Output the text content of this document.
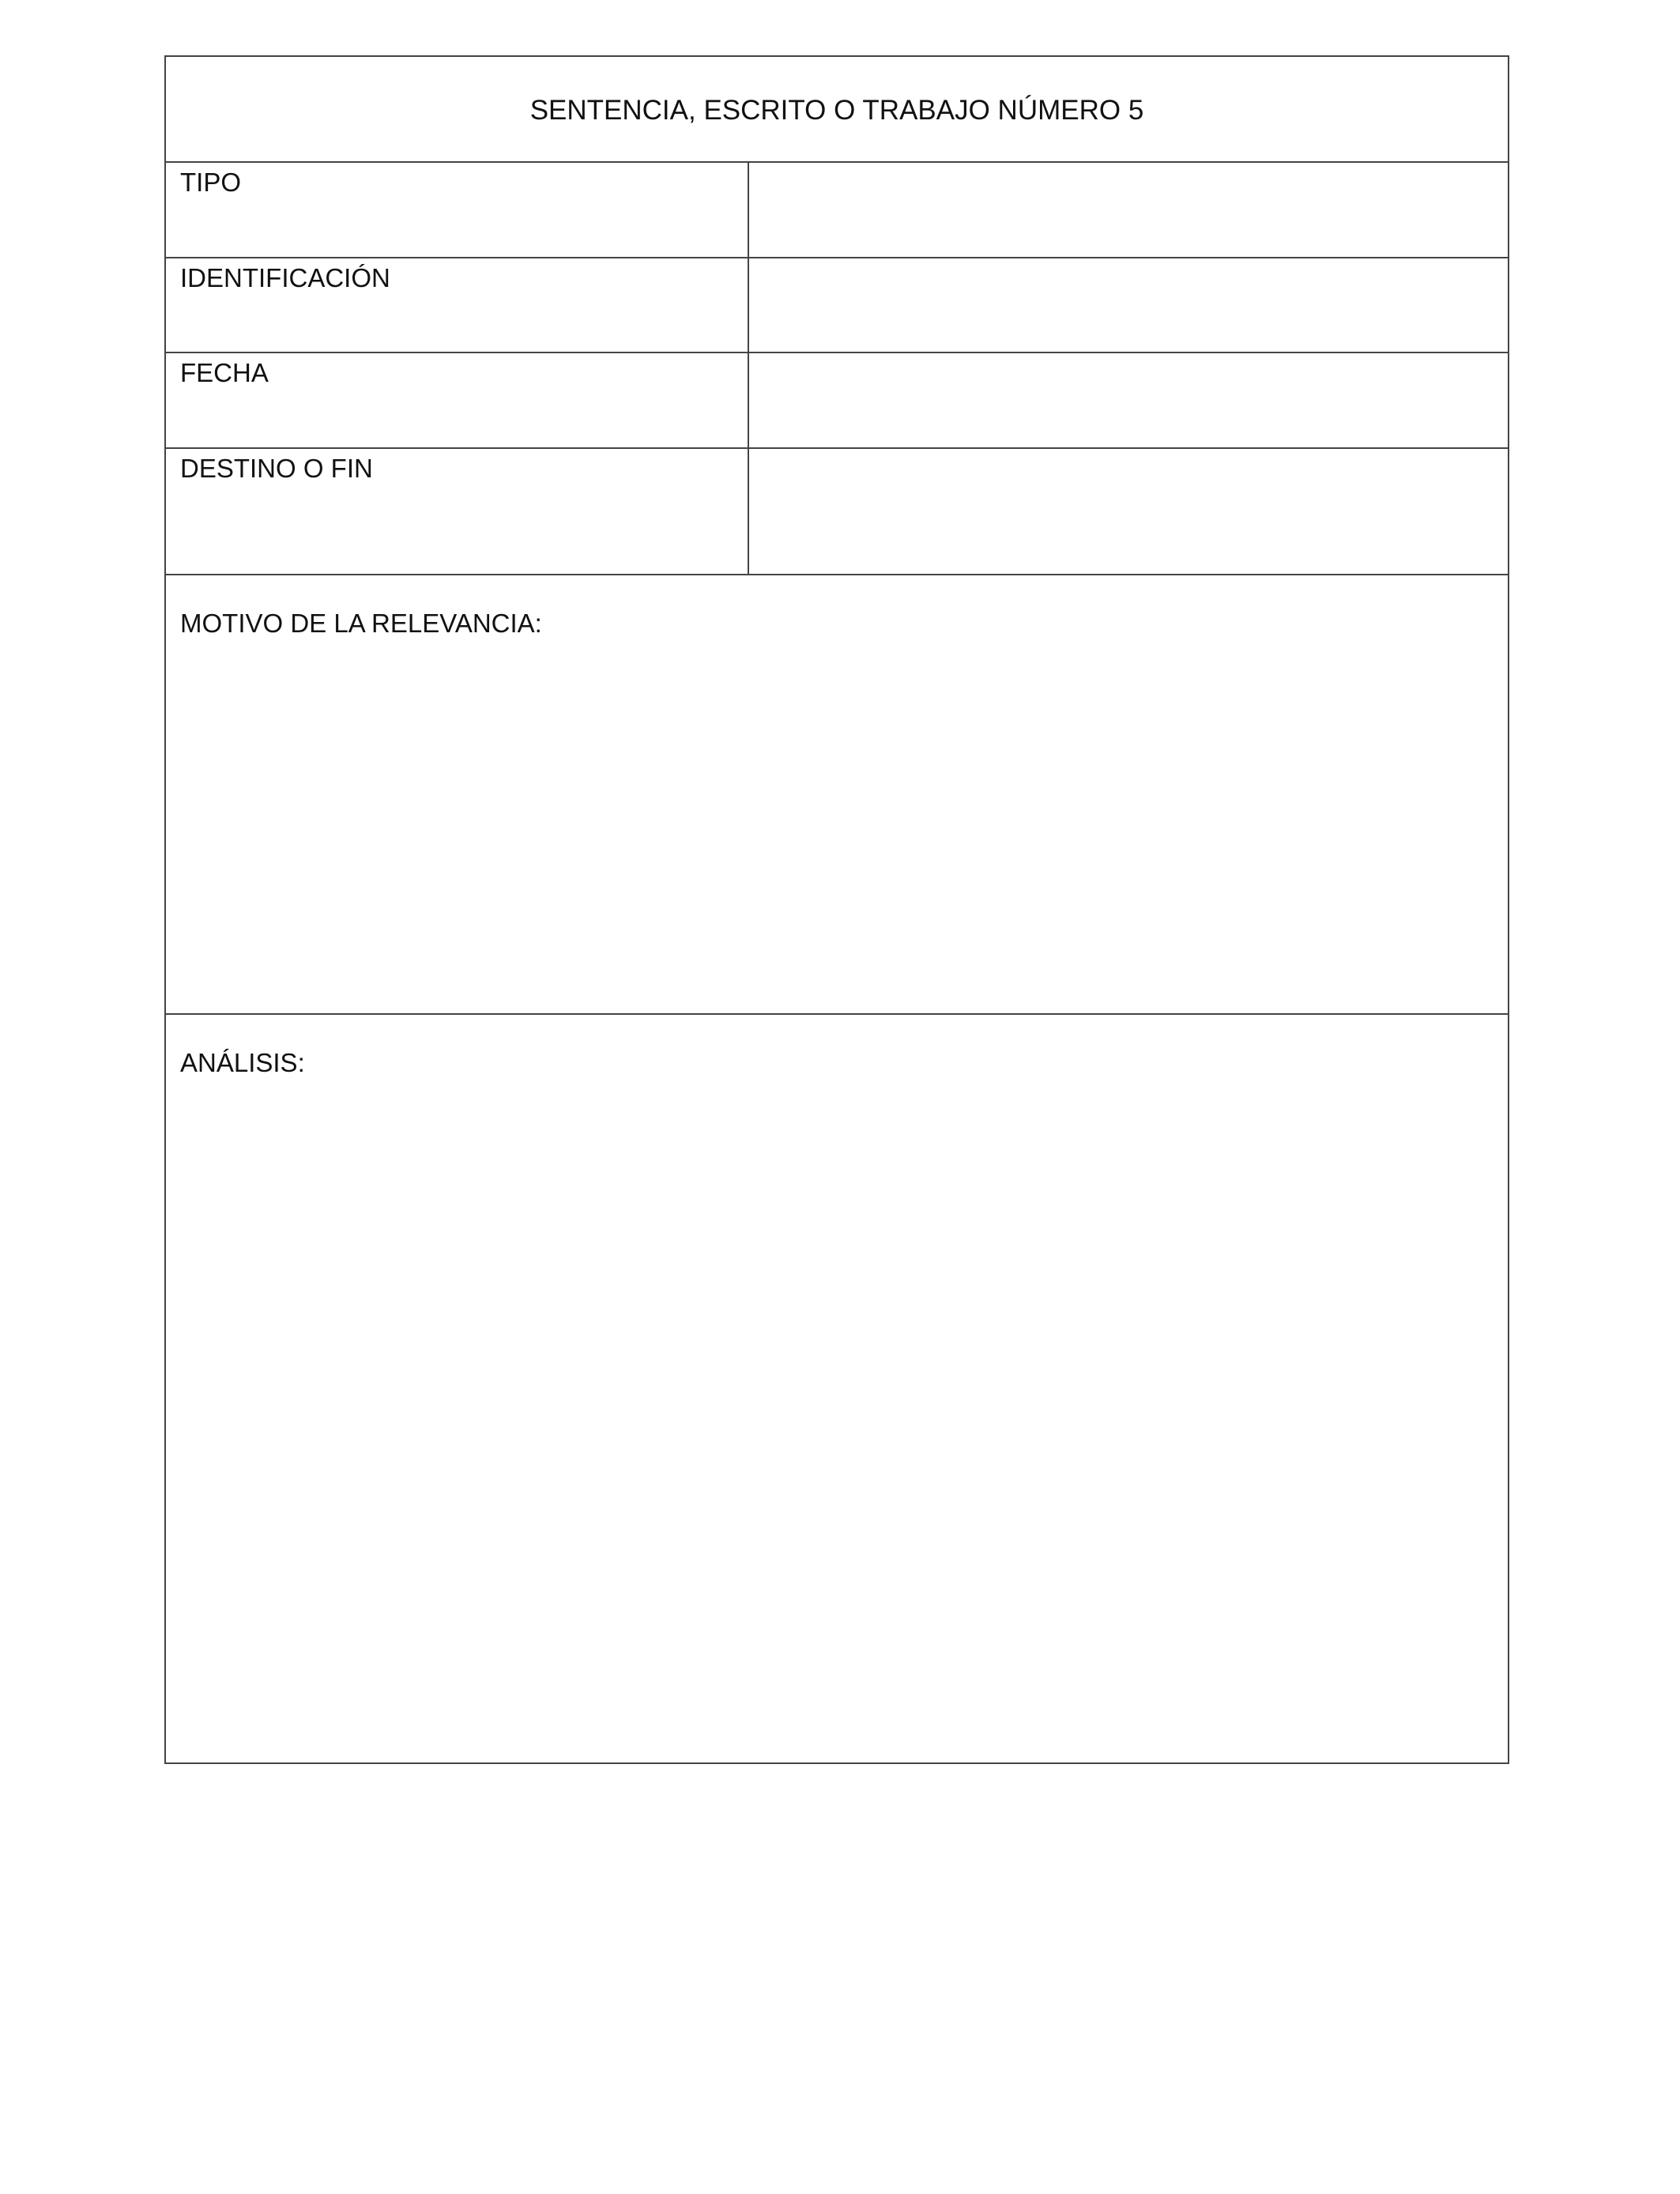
SENTENCIA, ESCRITO O TRABAJO NÚMERO 5
TIPO
IDENTIFICACIÓN
FECHA
DESTINO O FIN
MOTIVO DE LA RELEVANCIA:
ANÁLISIS:
